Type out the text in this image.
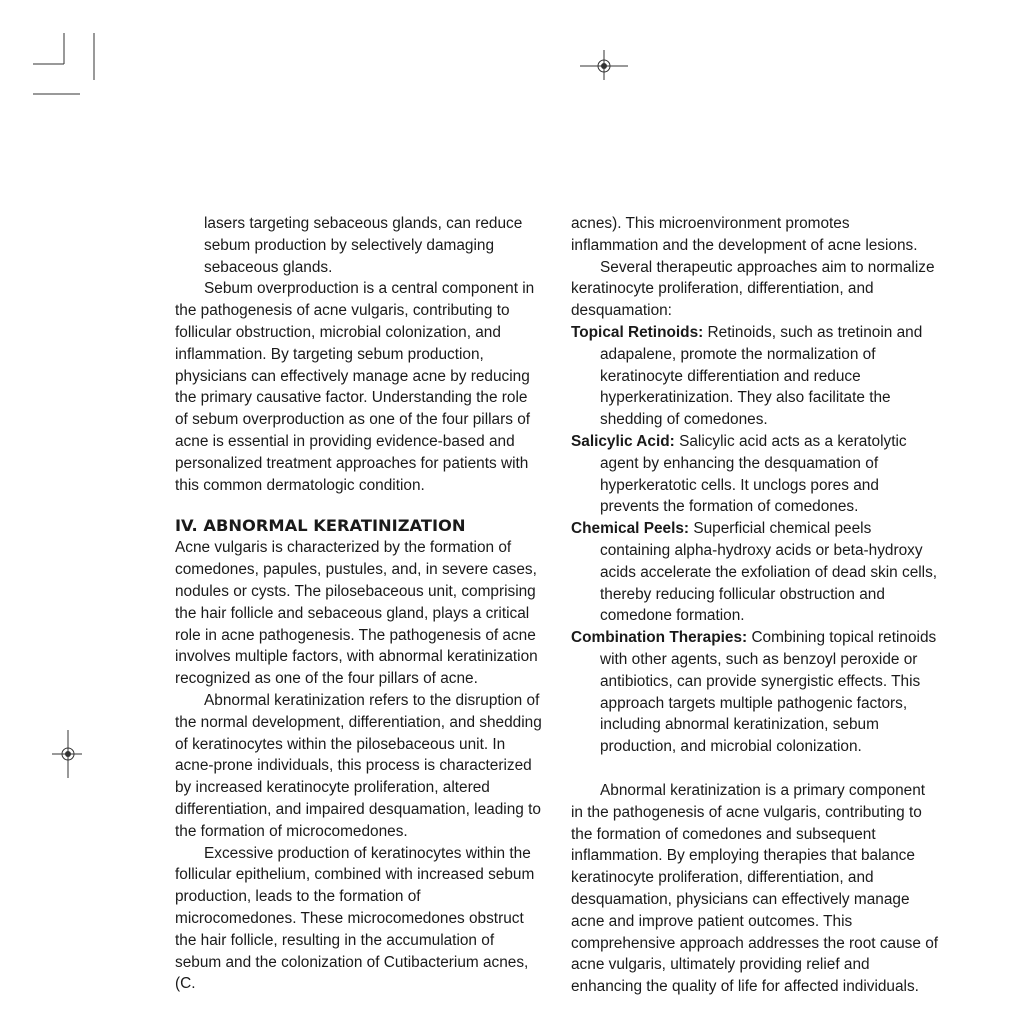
lasers targeting sebaceous glands, can reduce sebum production by selectively damaging sebaceous glands.

Sebum overproduction is a central component in the pathogenesis of acne vulgaris, contributing to follicular obstruction, microbial colonization, and inflammation. By targeting sebum production, physicians can effectively manage acne by reducing the primary causative factor. Understanding the role of sebum overproduction as one of the four pillars of acne is essential in providing evidence-based and personalized treatment approaches for patients with this common dermatologic condition.

IV. ABNORMAL KERATINIZATION

Acne vulgaris is characterized by the formation of comedones, papules, pustules, and, in severe cases, nodules or cysts. The pilosebaceous unit, comprising the hair follicle and sebaceous gland, plays a critical role in acne pathogenesis. The pathogenesis of acne involves multiple factors, with abnormal keratinization recognized as one of the four pillars of acne.

Abnormal keratinization refers to the disruption of the normal development, differentiation, and shedding of keratinocytes within the pilosebaceous unit. In acne-prone individuals, this process is characterized by increased keratinocyte proliferation, altered differentiation, and impaired desquamation, leading to the formation of microcomedones.

Excessive production of keratinocytes within the follicular epithelium, combined with increased sebum production, leads to the formation of microcomedones. These microcomedones obstruct the hair follicle, resulting in the accumulation of sebum and the colonization of Cutibacterium acnes, (C.

acnes). This microenvironment promotes inflammation and the development of acne lesions.

Several therapeutic approaches aim to normalize keratinocyte proliferation, differentiation, and desquamation:

Topical Retinoids: Retinoids, such as tretinoin and adapalene, promote the normalization of keratinocyte differentiation and reduce hyperkeratinization. They also facilitate the shedding of comedones.

Salicylic Acid: Salicylic acid acts as a keratolytic agent by enhancing the desquamation of hyperkeratotic cells. It unclogs pores and prevents the formation of comedones.

Chemical Peels: Superficial chemical peels containing alpha-hydroxy acids or beta-hydroxy acids accelerate the exfoliation of dead skin cells, thereby reducing follicular obstruction and comedone formation.

Combination Therapies: Combining topical retinoids with other agents, such as benzoyl peroxide or antibiotics, can provide synergistic effects. This approach targets multiple pathogenic factors, including abnormal keratinization, sebum production, and microbial colonization.

Abnormal keratinization is a primary component in the pathogenesis of acne vulgaris, contributing to the formation of comedones and subsequent inflammation. By employing therapies that balance keratinocyte proliferation, differentiation, and desquamation, physicians can effectively manage acne and improve patient outcomes. This comprehensive approach addresses the root cause of acne vulgaris, ultimately providing relief and enhancing the quality of life for affected individuals.
